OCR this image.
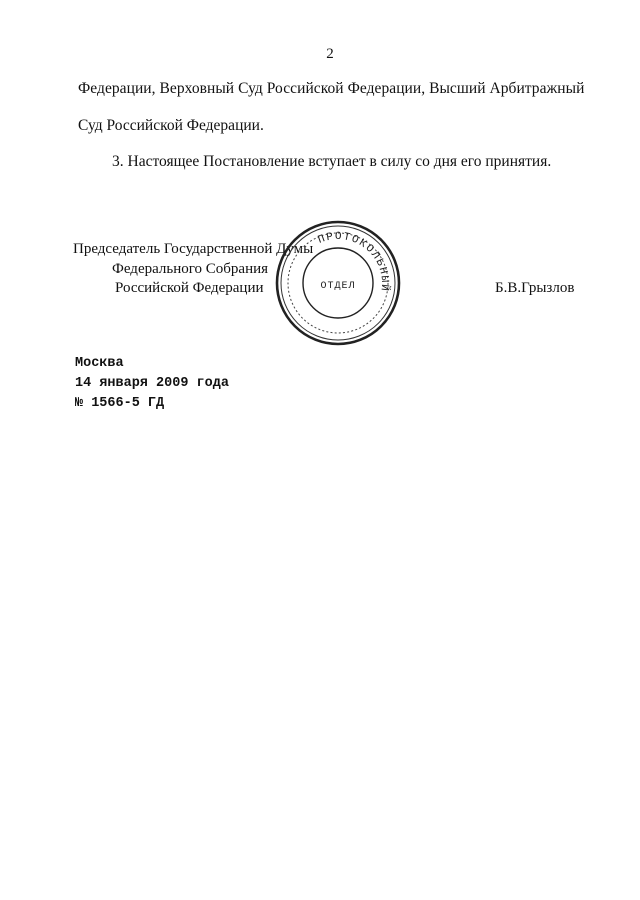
2
Федерации, Верховный Суд Российской Федерации, Высший Арбитражный
Суд Российской Федерации.
3. Настоящее Постановление вступает в силу со дня его принятия.
Председатель Государственной Думы
Федерального Собрания
Российской Федерации	Б.В.Грызлов
ПРОТОКОЛЬНЫЙ
ОТДЕЛ
Москва
14 января 2009 года
№ 1566-5 ГД
